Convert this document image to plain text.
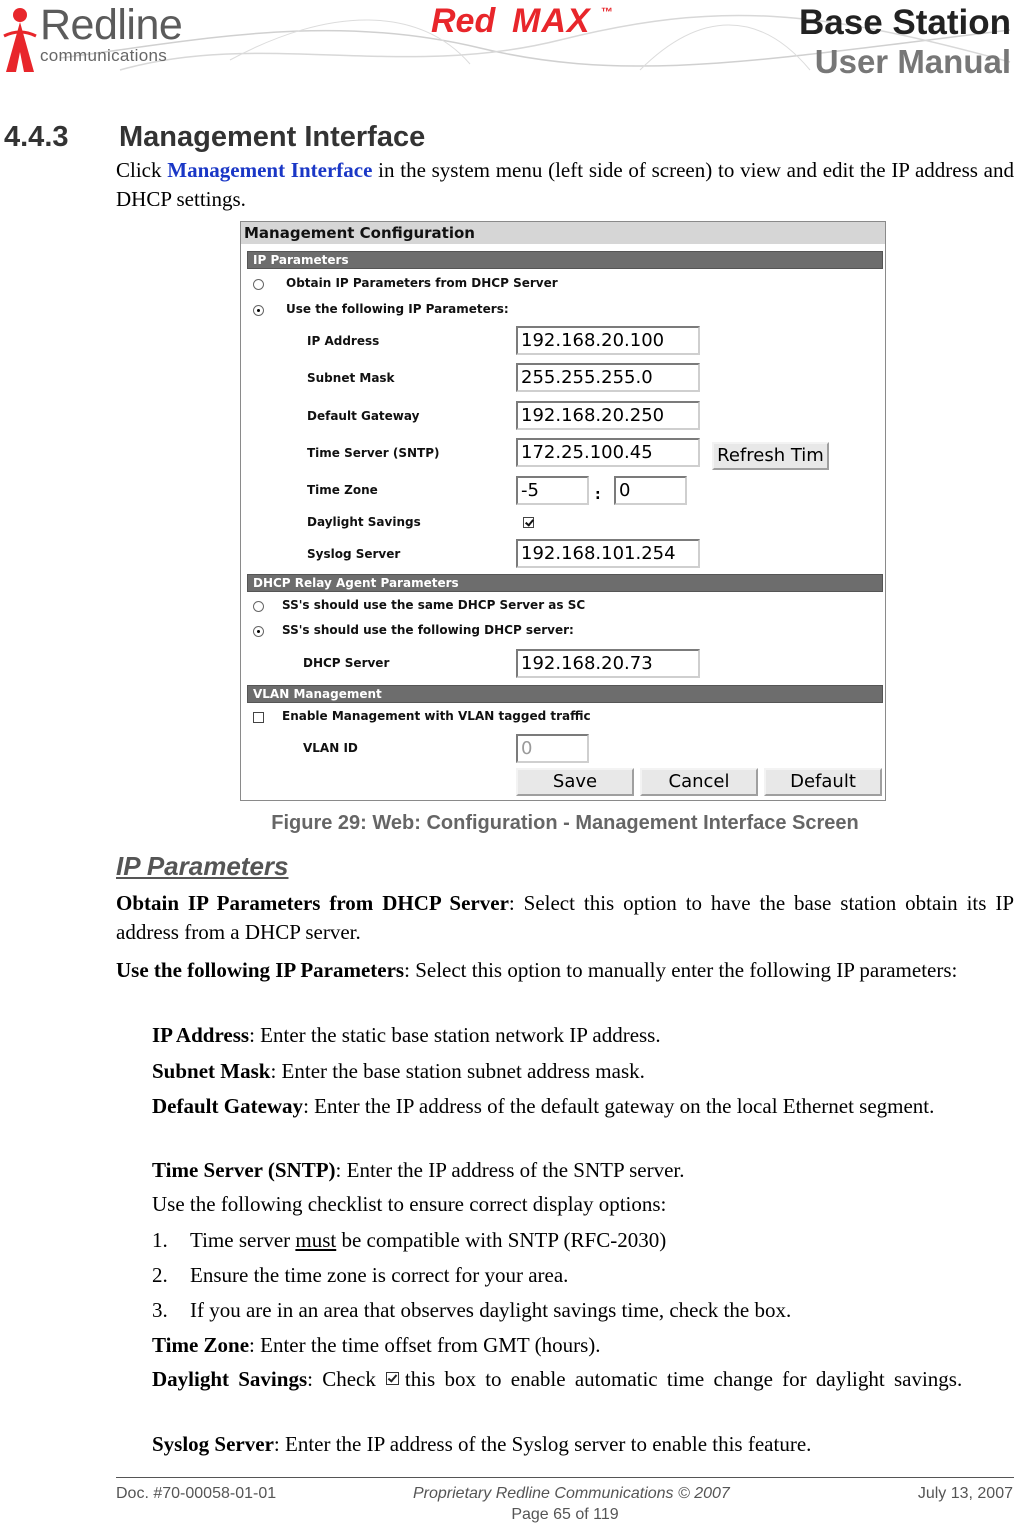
Redline
communications
Red MAX ™	Base Station
User Manual
4.4.3 Management Interface
Click Management Interface in the system menu (left side of screen) to view and edit the IP address and DHCP settings.
Management Configuration
IP Parameters
Obtain IP Parameters from DHCP Server
Use the following IP Parameters:
IP Address	192.168.20.100
Subnet Mask	255.255.255.0
Default Gateway	192.168.20.250
Time Server (SNTP)	172.25.100.45	Refresh Tim
Time Zone	-5	: 0
Daylight Savings
Syslog Server	192.168.101.254
DHCP Relay Agent Parameters
SS's should use the same DHCP Server as SC
SS's should use the following DHCP server:
DHCP Server	192.168.20.73
VLAN Management
Enable Management with VLAN tagged traffic
VLAN ID	0
Save	Cancel	Default
Figure 29: Web: Configuration - Management Interface Screen
IP Parameters
Obtain IP Parameters from DHCP Server: Select this option to have the base station obtain its IP address from a DHCP server.
Use the following IP Parameters: Select this option to manually enter the following IP parameters:
IP Address: Enter the static base station network IP address.
Subnet Mask: Enter the base station subnet address mask.
Default Gateway: Enter the IP address of the default gateway on the local Ethernet segment.
Time Server (SNTP): Enter the IP address of the SNTP server.
Use the following checklist to ensure correct display options:
1. Time server must be compatible with SNTP (RFC-2030)
2. Ensure the time zone is correct for your area.
3. If you are in an area that observes daylight savings time, check the box.
Time Zone: Enter the time offset from GMT (hours).
Daylight Savings: Check this box to enable automatic time change for daylight savings.
Syslog Server: Enter the IP address of the Syslog server to enable this feature.
Doc. #70-00058-01-01	Proprietary Redline Communications © 2007	July 13, 2007
Page 65 of 119
